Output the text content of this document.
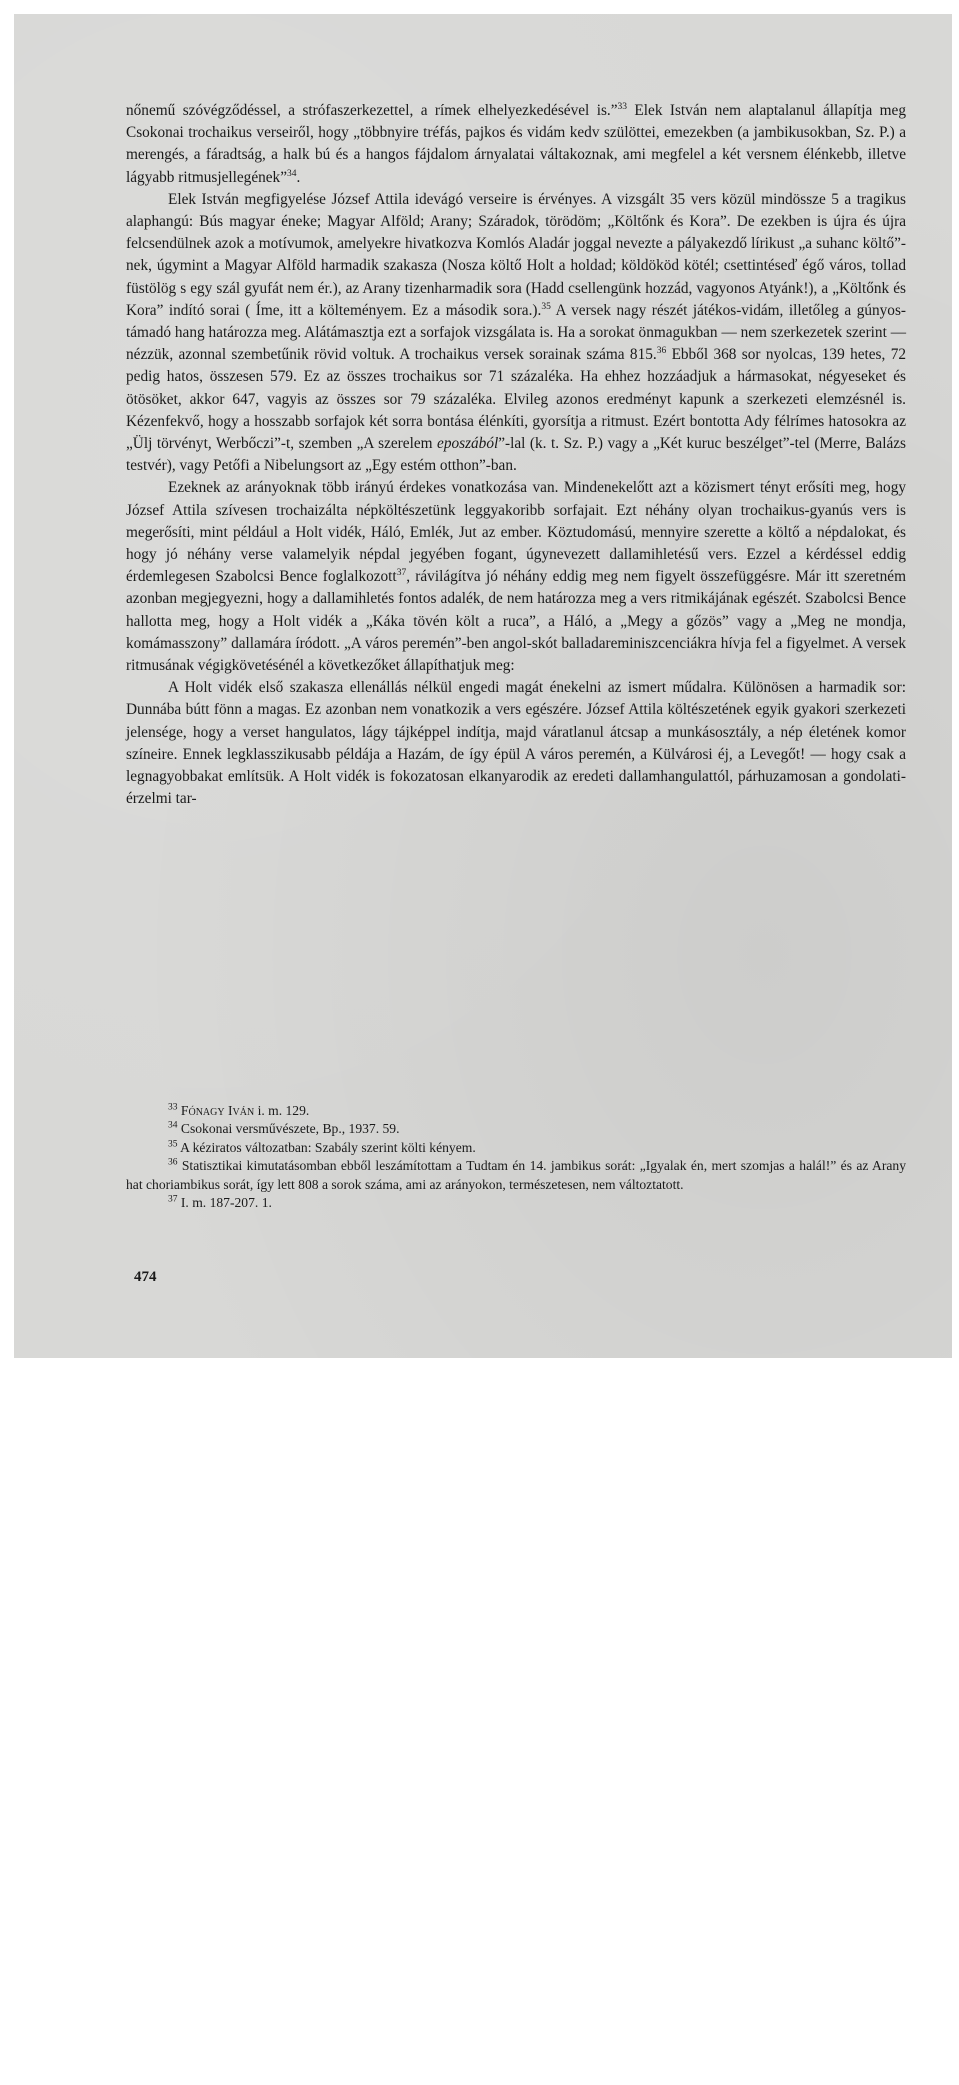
nőnemű szóvégződéssel, a strófaszerkezettel, a rímek elhelyezkedésével is.”$^{33}$ Elek István nem alaptalanul állapítja meg Csokonai trochaikus verseiről, hogy „többnyire tréfás, pajkos és vidám kedv szülöttei, emezekben (a jambikusokban, Sz. P.) a merengés, a fáradtság, a halk bú és a hangos fájdalom árnyalatai váltakoznak, ami megfelel a két versnem élénkebb, illetve lágyabb ritmusjellegének”$^{34}$.

Elek István megfigyelése József Attila idevágó verseire is érvényes. A vizsgált 35 vers közül mindössze 5 a tragikus alaphangú: Bús magyar éneke; Magyar Alföld; Arany; Száradok, törödöm; „Költőnk és Kora”. De ezekben is újra és újra felcsendülnek azok a motívumok, amelyekre hivatkozva Komlós Aladár joggal nevezte a pályakezdő lírikust „a suhanc költő”-nek, úgymint a Magyar Alföld harmadik szakasza (Nosza költő Holt a holdad; köldököd kötél; csettintéseď égő város, tollad füstölög s egy szál gyufát nem ér.), az Arany tizenharmadik sora (Hadd csellengünk hozzád, vagyonos Atyánk!), a „Költőnk és Kora” indító sorai ( Íme, itt a költeményem. Ez a második sora.).$^{35}$ A versek nagy részét játékos-vidám, illetőleg a gúnyos-támadó hang határozza meg. Alátámasztja ezt a sorfajok vizsgálata is. Ha a sorokat önmagukban — nem szerkezetek szerint — nézzük, azonnal szembetűnik rövid voltuk. A trochaikus versek sorainak száma 815.36 Ebből 368 sor nyolcas, 139 hetes, 72 pedig hatos, összesen 579. Ez az összes trochaikus sor 71 százaléka. Ha ehhez hozzáadjuk a hármasokat, négyeseket és ötösöket, akkor 647, vagyis az összes sor 79 százaléka. Elvileg azonos eredményt kapunk a szerkezeti elemzésnél is. Kézenfekvő, hogy a hosszabb sorfajok két sorra bontása élénkíti, gyorsítja a ritmust. Ezért bontotta Ady félrímes hatosokra az „Ülj törvényt, Werbőczi”-t, szemben „A szerelem eposzából”-lal (k. t. Sz. P.) vagy a „Két kuruc beszélget”-tel (Merre, Balázs testvér), vagy Petőfi a Nibelungsort az „Egy estém otthon”-ban.

Ezeknek az arányoknak több irányú érdekes vonatkozása van. Mindenekelőtt azt a közismert tényt erősíti meg, hogy József Attila szívesen trochaizálta népköltészetünk leggyakoribb sorfajait. Ezt néhány olyan trochaikus-gyanús vers is megerősíti, mint például a Holt vidék, Háló, Emlék, Jut az ember. Köztudomású, mennyire szerette a költő a népdalokat, és hogy jó néhány verse valamelyik népdal jegyében fogant, úgynevezett dallamihletésű vers. Ezzel a kérdéssel eddig érdemlegesen Szabolcsi Bence foglalkozott$^{37}$, rávilágítva jó néhány eddig meg nem figyelt összefüggésre. Már itt szeretném azonban megjegyezni, hogy a dallamihletés fontos adalék, de nem határozza meg a vers ritmikájának egészét. Szabolcsi Bence hallotta meg, hogy a Holt vidék a „Káka tövén költ a ruca”, a Háló, a „Megy a gőzös” vagy a „Meg ne mondja, komámasszony” dallamára íródott. „A város peremén”-ben angol-skót balladareminiszcenciákra hívja fel a figyelmet. A versek ritmusának végigkövetésénél a következőket állapíthatjuk meg:

A Holt vidék első szakasza ellenállás nélkül engedi magát énekelni az ismert műdalra. Különösen a harmadik sor: Dunnába bútt fönn a magas. Ez azonban nem vonatkozik a vers egészére. József Attila költészetének egyik gyakori szerkezeti jelensége, hogy a verset hangulatos, lágy tájképpel indítja, majd váratlanul átcsap a munkásosztály, a nép életének komor színeire. Ennek legklasszikusabb példája a Hazám, de így épül A város peremén, a Külvárosi éj, a Levegőt! — hogy csak a legnagyobbakat említsük. A Holt vidék is fokozatosan elkanyarodik az eredeti dallamhangulattól, párhuzamosan a gondolati-érzelmi tar-

$^{33}$ Fónagy Iván i. m. 129.

$^{34}$ Csokonai versművészete, Bp., 1937. 59.

$^{35}$ A kéziratos változatban: Szabály szerint költi kényem.

$^{36}$ Statisztikai kimutatásomban ebből leszámítottam a Tudtam én 14. jambikus sorát: „Igyalak én, mert szomjas a halál!” és az Arany hat choriambikus sorát, így lett 808 a sorok száma, ami az arányokon, természetesen, nem változtatott.

$^{37}$ I. m. 187-207. 1.

474
